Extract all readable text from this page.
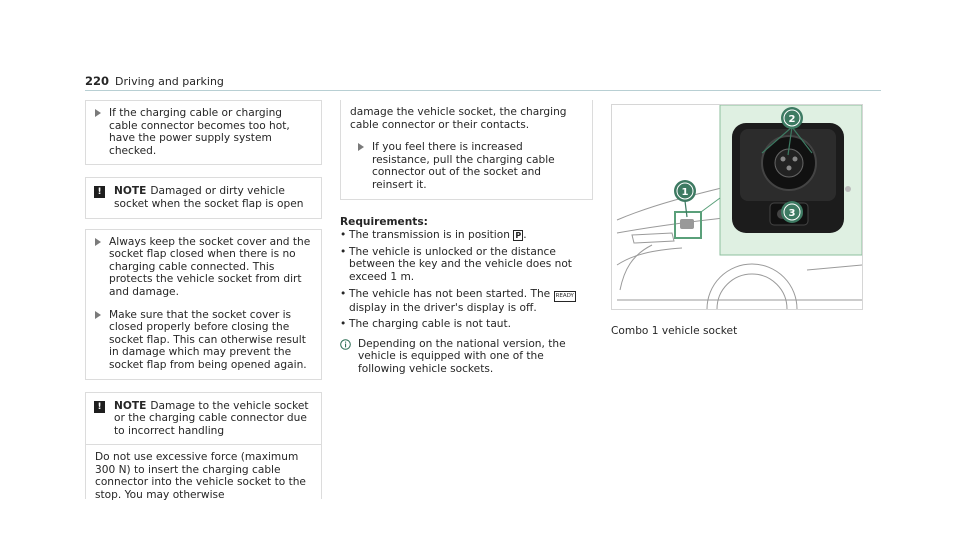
220 Driving and parking
If the charging cable or charging cable connector becomes too hot, have the power supply system checked.
!	NOTE Damaged or dirty vehicle socket when the socket flap is open
Always keep the socket cover and the socket flap closed when there is no charging cable connected. This protects the vehicle socket from dirt and damage.
Make sure that the socket cover is closed properly before closing the socket flap. This can otherwise result in damage which may prevent the socket flap from being opened again.
!	NOTE Damage to the vehicle socket or the charging cable connector due to incorrect handling
Do not use excessive force (maximum 300 N) to insert the charging cable connector into the vehicle socket to the stop. You may otherwise
damage the vehicle socket, the charging cable connector or their contacts.
If you feel there is increased resistance, pull the charging cable connector out of the socket and reinsert it.
Requirements:
• The transmission is in position P .
• The vehicle is unlocked or the distance between the key and the vehicle does not exceed 1 m.
• The vehicle has not been started. The READY display in the driver's display is off.
• The charging cable is not taut.
Depending on the national version, the vehicle is equipped with one of the following vehicle sockets.
1
2
3
Combo 1 vehicle socket
